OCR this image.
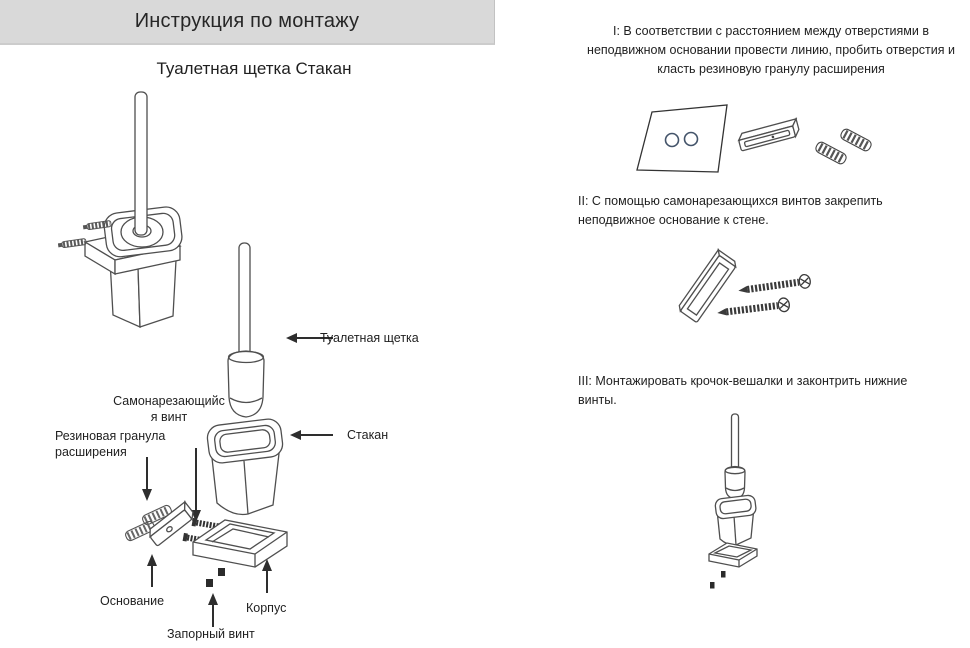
Инструкция по монтажу
Туалетная щетка Стакан
Туалетная щетка
Стакан
Самонарезающийся винт
Резиновая гранула расширения
Основание	Корпус
Запорный винт
I: В соответствии с расстоянием между отверстиями в неподвижном основании провести линию, пробить отверстия и класть резиновую гранулу расширения
II: С помощью самонарезающихся винтов закрепить неподвижное основание к стене.
III: Монтажировать крочок-вешалки и законтрить нижние винты.
